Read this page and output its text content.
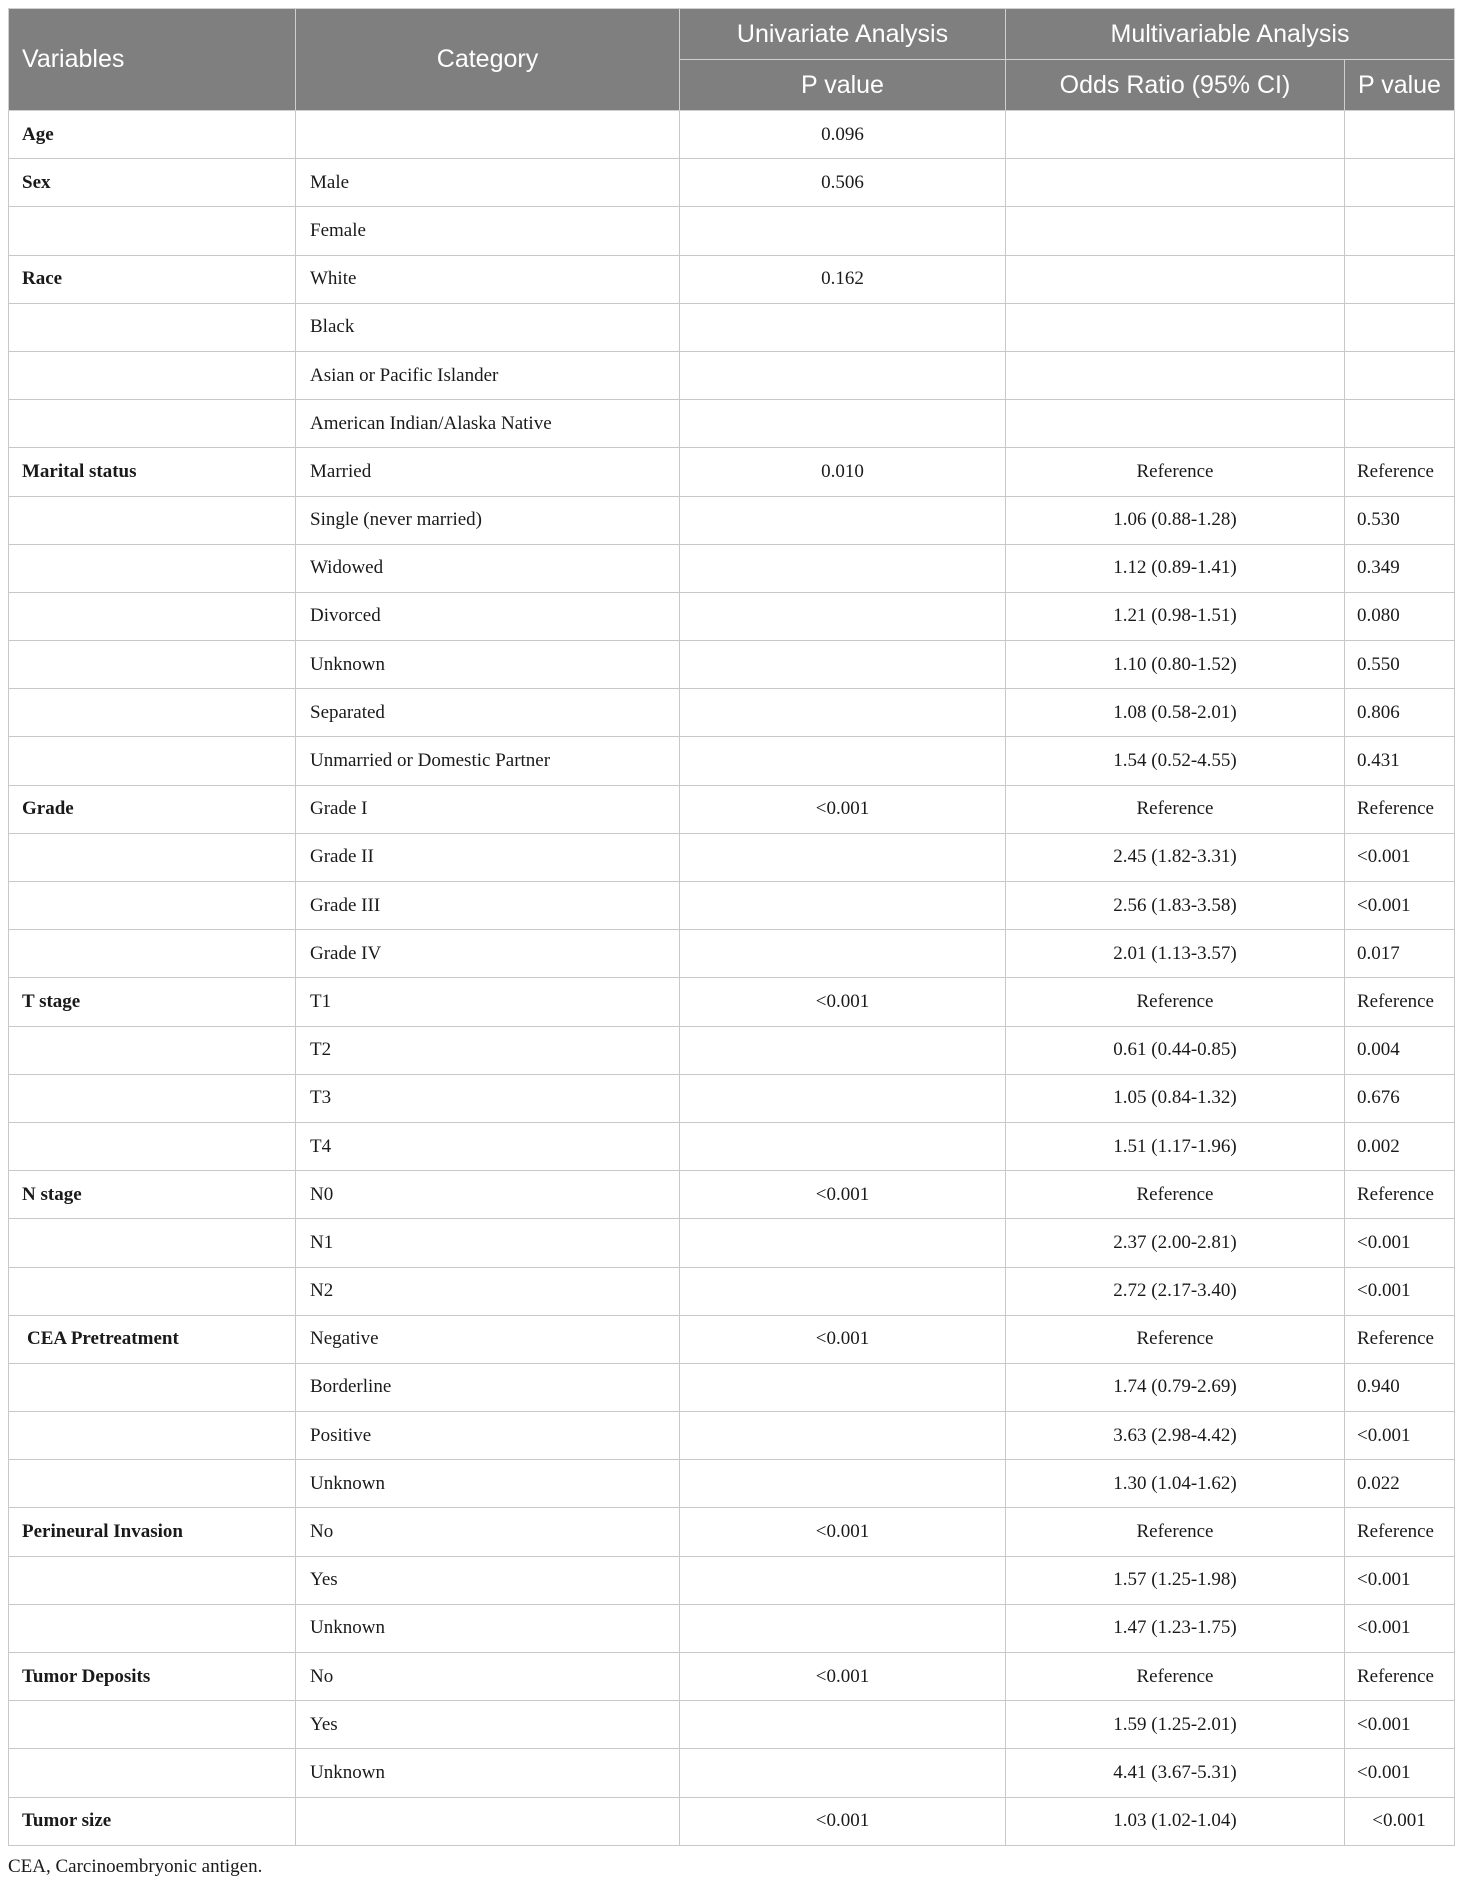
Variables	Category	Univariate Analysis	Multivariable Analysis	
		P value	Odds Ratio (95% CI)	P value
Age		0.096		
Sex	Male	0.506		
	Female			
Race	White	0.162		
	Black			
	Asian or Pacific Islander			
	American Indian/Alaska Native			
Marital status	Married	0.010	Reference	Reference
	Single (never married)		1.06 (0.88-1.28)	0.530
	Widowed		1.12 (0.89-1.41)	0.349
	Divorced		1.21 (0.98-1.51)	0.080
	Unknown		1.10 (0.80-1.52)	0.550
	Separated		1.08 (0.58-2.01)	0.806
	Unmarried or Domestic Partner		1.54 (0.52-4.55)	0.431
Grade	Grade I	<0.001	Reference	Reference
	Grade II		2.45 (1.82-3.31)	<0.001
	Grade III		2.56 (1.83-3.58)	<0.001
	Grade IV		2.01 (1.13-3.57)	0.017
T stage	T1	<0.001	Reference	Reference
	T2		0.61 (0.44-0.85)	0.004
	T3		1.05 (0.84-1.32)	0.676
	T4		1.51 (1.17-1.96)	0.002
N stage	N0	<0.001	Reference	Reference
	N1		2.37 (2.00-2.81)	<0.001
	N2		2.72 (2.17-3.40)	<0.001
CEA Pretreatment	Negative	<0.001	Reference	Reference
	Borderline		1.74 (0.79-2.69)	0.940
	Positive		3.63 (2.98-4.42)	<0.001
	Unknown		1.30 (1.04-1.62)	0.022
Perineural Invasion	No	<0.001	Reference	Reference
	Yes		1.57 (1.25-1.98)	<0.001
	Unknown		1.47 (1.23-1.75)	<0.001
Tumor Deposits	No	<0.001	Reference	Reference
	Yes		1.59 (1.25-2.01)	<0.001
	Unknown		4.41 (3.67-5.31)	<0.001
Tumor size		<0.001	1.03 (1.02-1.04)	<0.001
CEA, Carcinoembryonic antigen.
